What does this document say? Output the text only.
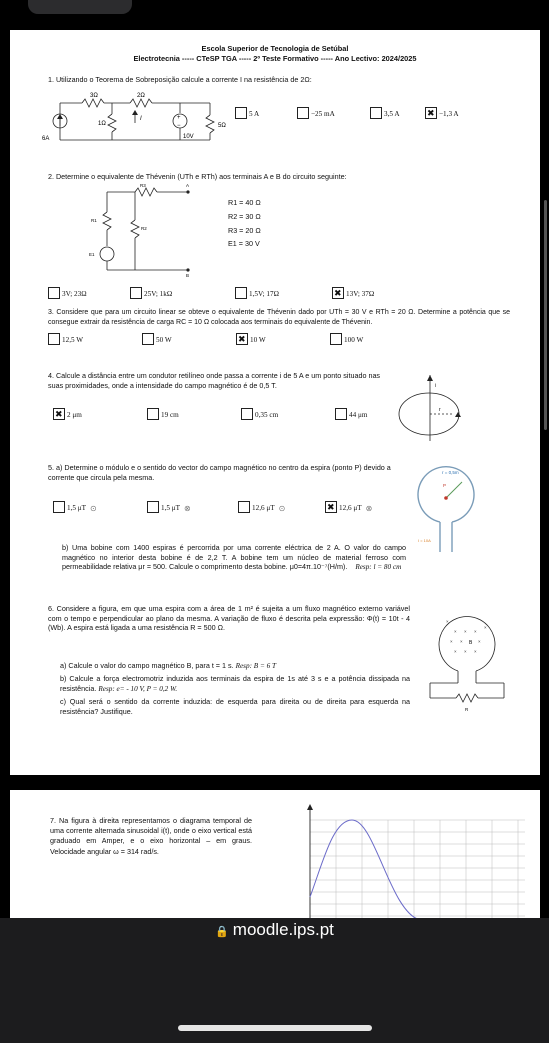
Escola Superior de Tecnologia de Setúbal
Electrotecnia ----- CTeSP TGA ----- 2º Teste Formativo ----- Ano Lectivo: 2024/2025
1. Utilizando o Teorema de Sobreposição calcule a corrente I na resistência de 2Ω:
+
−
3Ω	2Ω
1Ω	5Ω
6A	10V
I
5 A	−25 mA	3,5 A ✖	−1,3 A
2. Determine o equivalente de Thévenin (UTh e RTh) aos terminais A e B do circuito seguinte:
R1
R2
R3
E1
A
B
R1 = 40 Ω
R2 = 30 Ω
R3 = 20 Ω
E1 = 30 V
3V; 23Ω	25V; 1kΩ	1,5V; 17Ω ✖	13V; 37Ω
3. Considere que para um circuito linear se obteve o equivalente de Thévenin dado por UTh = 30 V e RTh = 20 Ω. Determine a potência que se consegue extrair da resistência de carga RC = 10 Ω colocada aos terminais do equivalente de Thévenin.
12,5 W	50 W ✖	10 W	100 W
4. Calcule a distância entre um condutor retilíneo onde passa a corrente i de 5 A e um ponto situado nas suas proximidades, onde a intensidade do campo magnético é de 0,5 T.
✖
2 μm	19 cm	0,35 cm	44 μm
i
r
5. a) Determine o módulo e o sentido do vector do campo magnético no centro da espira (ponto P) devido a corrente que circula pela mesma.
1,5 μT ⊙	1,5 μT ⊗	12,6 μT ⊙ ✖	12,6 μT ⊗
P
r = 0,5m
I = 10A
b) Uma bobine com 1400 espiras é percorrida por uma corrente eléctrica de 2 A. O valor do campo magnético no interior desta bobine é de 2,2 T. A bobine tem um núcleo de material ferroso com permeabilidade relativa μr = 500. Calcule o comprimento desta bobine. μ0=4π.10⁻⁷(H/m). Resp: l = 80 cm
6. Considere a figura, em que uma espira com a área de 1 m² é sujeita a um fluxo magnético externo variável com o tempo e perpendicular ao plano da mesma. A variação de fluxo é descrita pela expressão: Φ(t) = 10t - 4 (Wb). A espira está ligada a uma resistência R = 500 Ω.
a) Calcule o valor do campo magnético B, para t = 1 s. Resp: B = 6 T
b) Calcule a força electromotriz induzida aos terminais da espira de 1s até 3 s e a potência dissipada na resistência. Resp: e= - 10 V, P = 0,2 W.
c) Qual será o sentido da corrente induzida: de esquerda para direita ou de direita para esquerda na resistência? Justifique.
× × ×
× ×	×
× × ×
×
×
B
R
7. Na figura à direita representamos o diagrama temporal de uma corrente alternada sinusoidal i(t), onde o eixo vertical está graduado em Amper, e o eixo horizontal – em graus. Velocidade angular ω = 314 rad/s.
🔒 moodle.ips.pt
